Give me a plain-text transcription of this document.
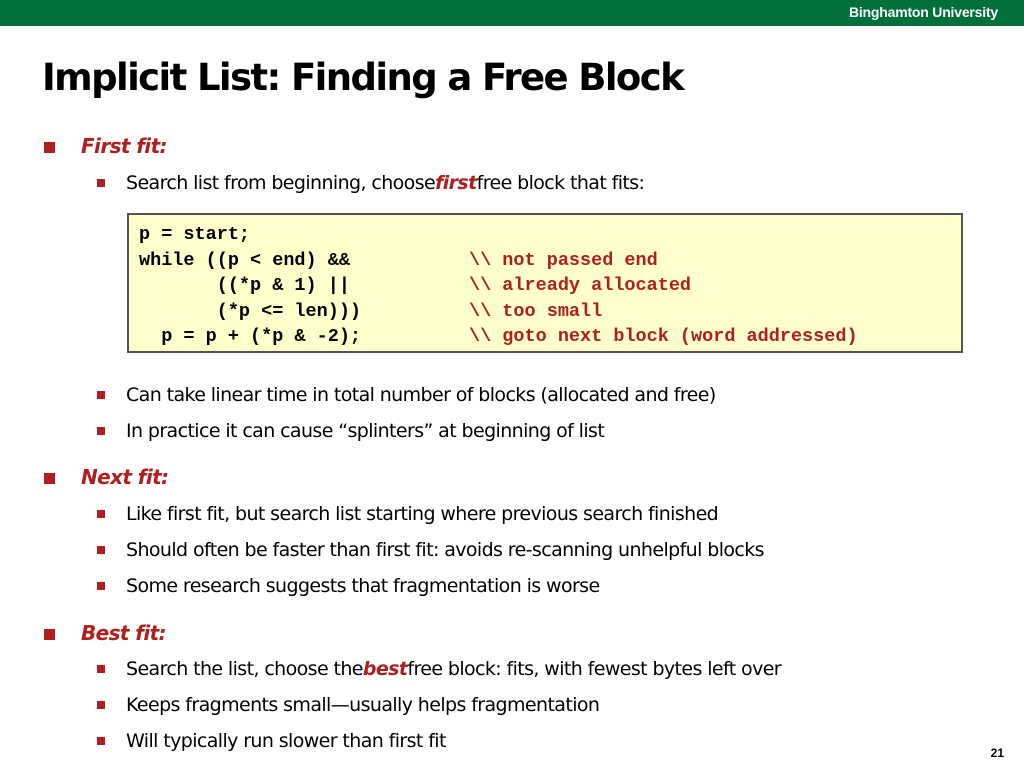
Binghamton University
Implicit List: Finding a Free Block
First fit:
Search list from beginning, choose first free block that fits:
p = start;
while ((p < end) &&	\\ not passed end
((*p & 1) ||	\\ already allocated
(*p <= len)))	\\ too small
p = p + (*p & -2);	\\ goto next block (word addressed)
Can take linear time in total number of blocks (allocated and free)
In practice it can cause “splinters” at beginning of list
Next fit:
Like first fit, but search list starting where previous search finished
Should often be faster than first fit: avoids re-scanning unhelpful blocks
Some research suggests that fragmentation is worse
Best fit:
Search the list, choose the best free block: fits, with fewest bytes left over
Keeps fragments small—usually helps fragmentation
Will typically run slower than first fit
21
